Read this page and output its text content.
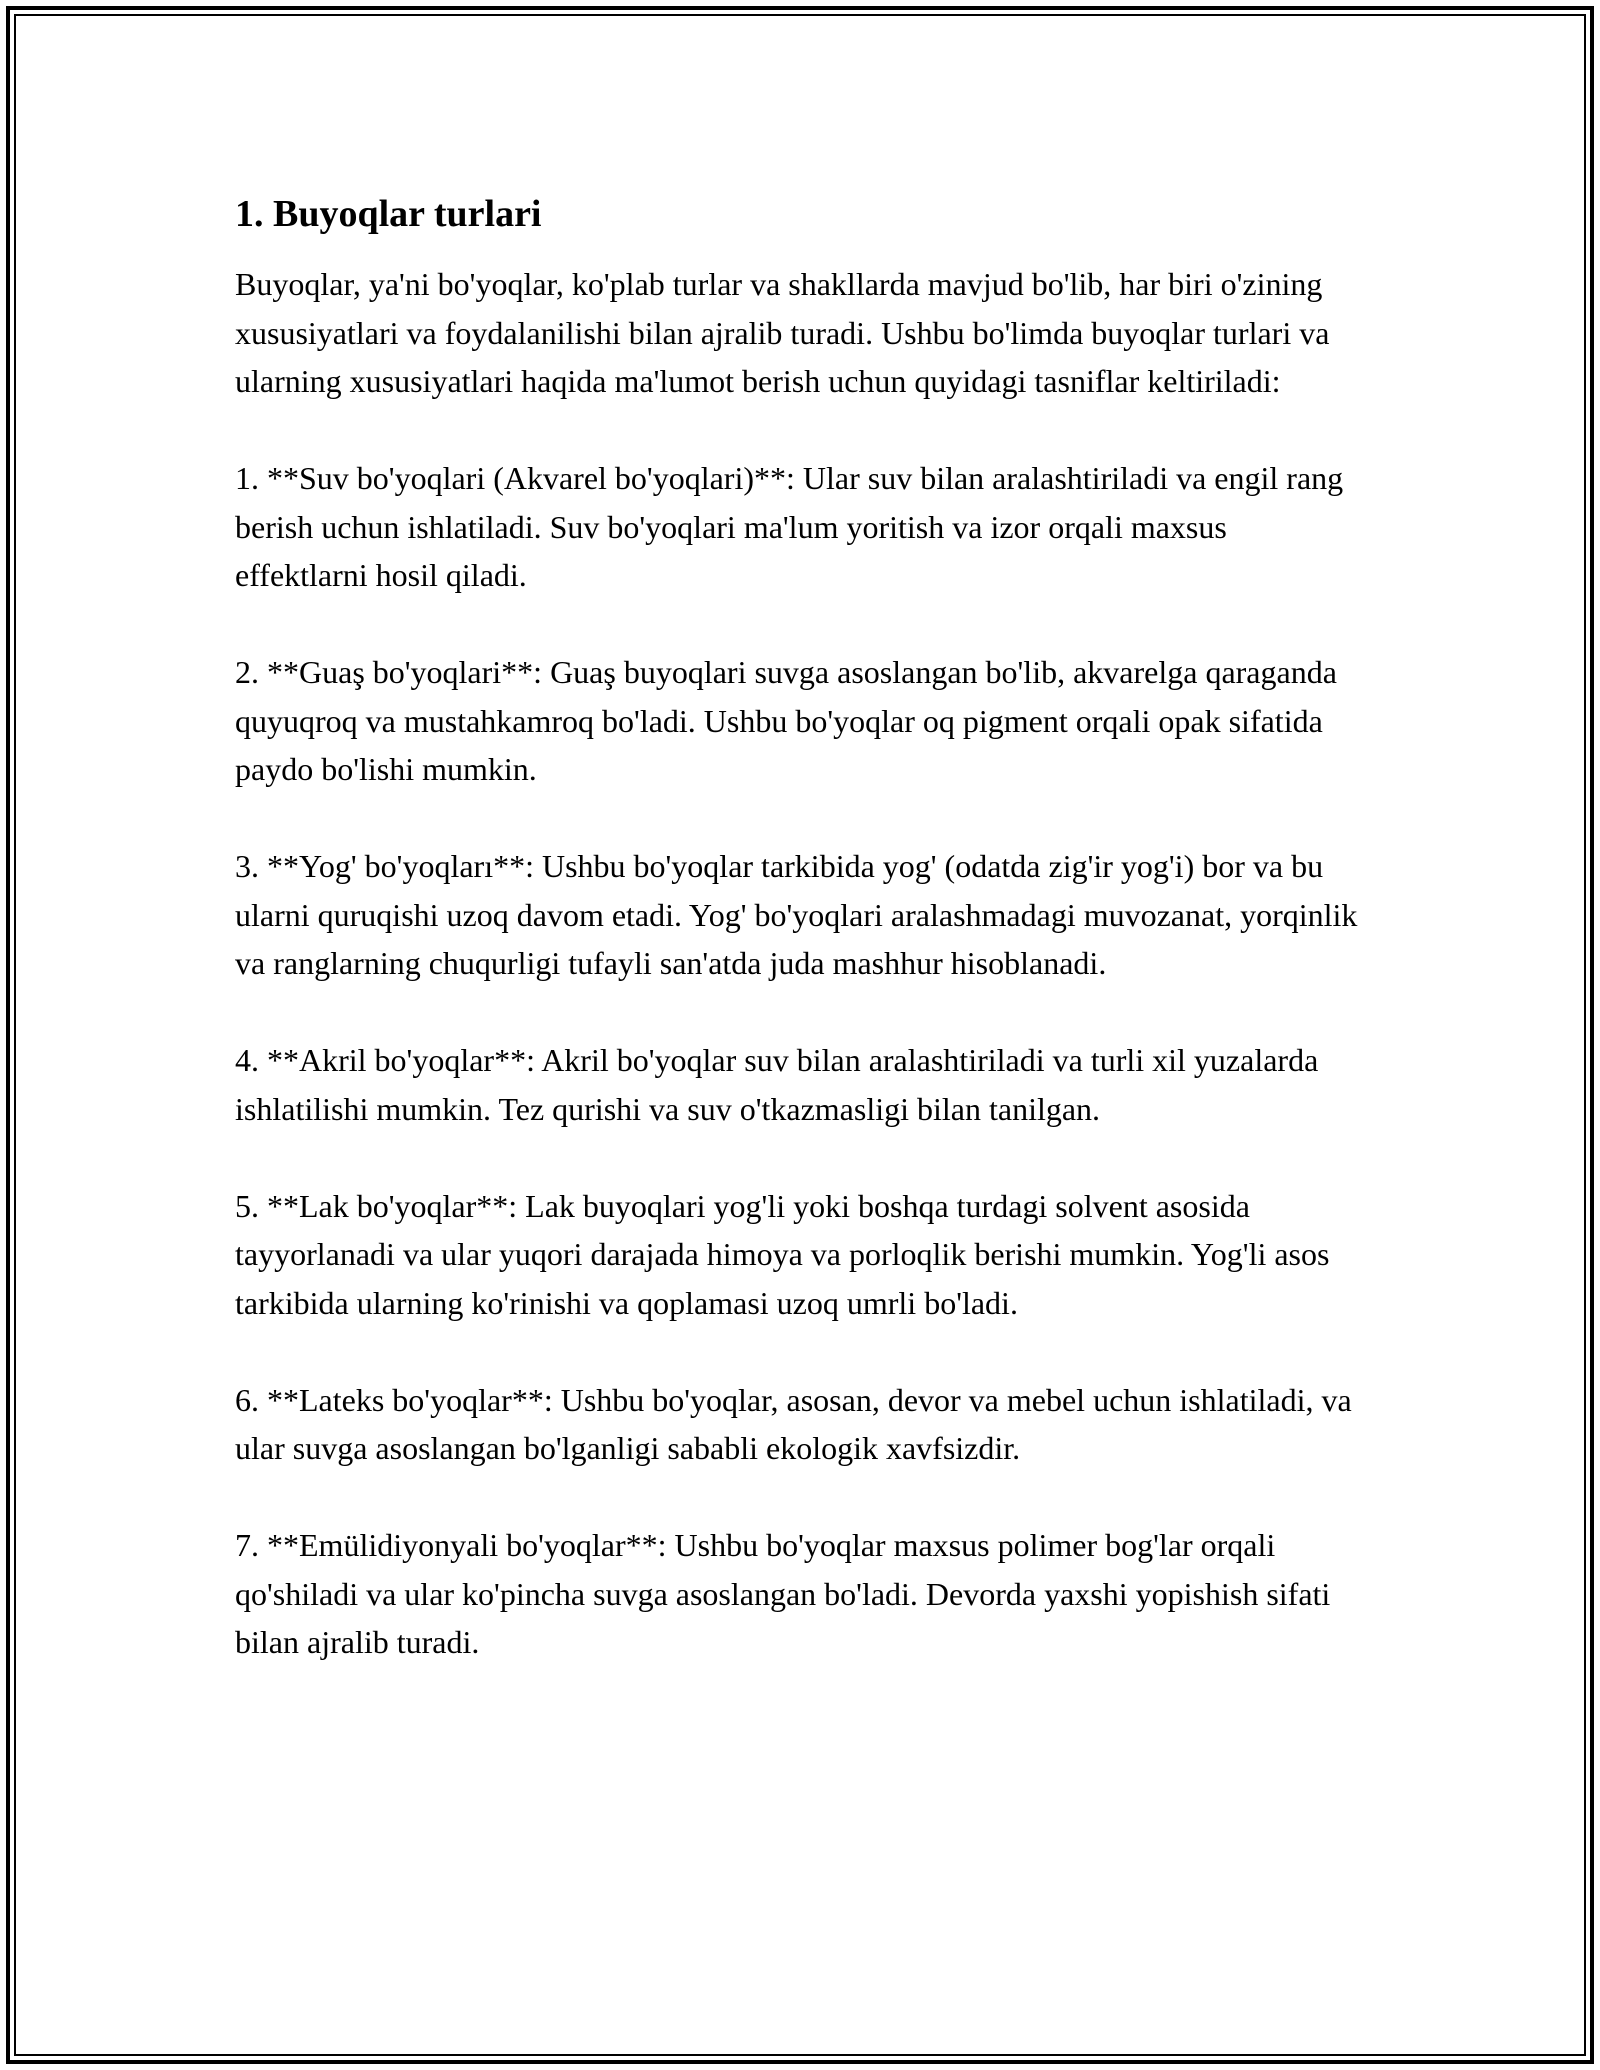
1. Buyoqlar turlari

Buyoqlar, ya'ni bo'yoqlar, ko'plab turlar va shakllarda mavjud bo'lib, har biri o'zining xususiyatlari va foydalanilishi bilan ajralib turadi. Ushbu bo'limda buyoqlar turlari va ularning xususiyatlari haqida ma'lumot berish uchun quyidagi tasniflar keltiriladi:

1. **Suv bo'yoqlari (Akvarel bo'yoqlari)**: Ular suv bilan aralashtiriladi va engil rang berish uchun ishlatiladi. Suv bo'yoqlari ma'lum yoritish va izor orqali maxsus effektlarni hosil qiladi.

2. **Guaş bo'yoqlari**: Guaş buyoqlari suvga asoslangan bo'lib, akvarelga qaraganda quyuqroq va mustahkamroq bo'ladi. Ushbu bo'yoqlar oq pigment orqali opak sifatida paydo bo'lishi mumkin.

3. **Yog' bo'yoqları**: Ushbu bo'yoqlar tarkibida yog' (odatda zig'ir yog'i) bor va bu ularni quruqishi uzoq davom etadi. Yog' bo'yoqlari aralashmadagi muvozanat, yorqinlik va ranglarning chuqurligi tufayli san'atda juda mashhur hisoblanadi.

4. **Akril bo'yoqlar**: Akril bo'yoqlar suv bilan aralashtiriladi va turli xil yuzalarda ishlatilishi mumkin. Tez qurishi va suv o'tkazmasligi bilan tanilgan.

5. **Lak bo'yoqlar**: Lak buyoqlari yog'li yoki boshqa turdagi solvent asosida tayyorlanadi va ular yuqori darajada himoya va porloqlik berishi mumkin. Yog'li asos tarkibida ularning ko'rinishi va qoplamasi uzoq umrli bo'ladi.

6. **Lateks bo'yoqlar**: Ushbu bo'yoqlar, asosan, devor va mebel uchun ishlatiladi, va ular suvga asoslangan bo'lganligi sababli ekologik xavfsizdir.

7. **Emülidiyonyali bo'yoqlar**: Ushbu bo'yoqlar maxsus polimer bog'lar orqali qo'shiladi va ular ko'pincha suvga asoslangan bo'ladi. Devorda yaxshi yopishish sifati bilan ajralib turadi.
